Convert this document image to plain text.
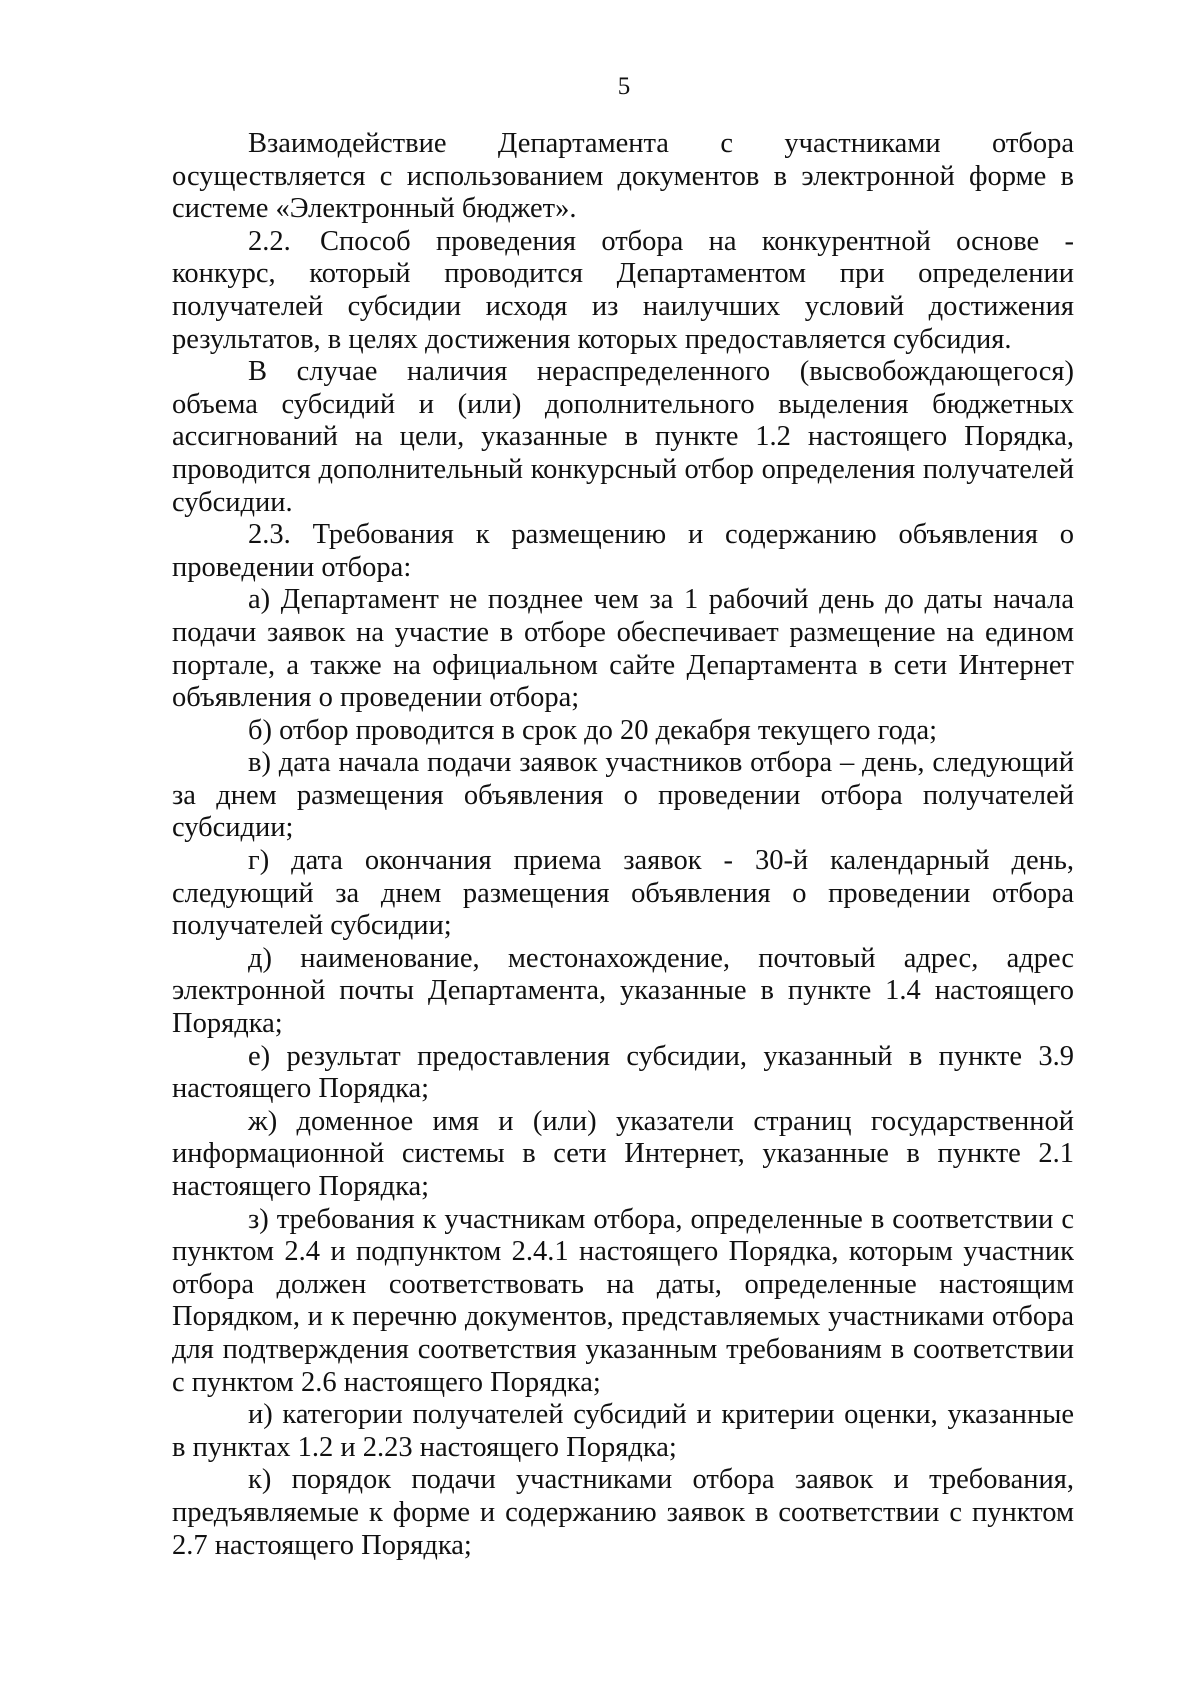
5

Взаимодействие Департамента с участниками отбора осуществляется с использованием документов в электронной форме в системе «Электронный бюджет».

2.2. Способ проведения отбора на конкурентной основе - конкурс, который проводится Департаментом при определении получателей субсидии исходя из наилучших условий достижения результатов, в целях достижения которых предоставляется субсидия.

В случае наличия нераспределенного (высвобождающегося) объема субсидий и (или) дополнительного выделения бюджетных ассигнований на цели, указанные в пункте 1.2 настоящего Порядка, проводится дополнительный конкурсный отбор определения получателей субсидии.

2.3. Требования к размещению и содержанию объявления о проведении отбора:

а) Департамент не позднее чем за 1 рабочий день до даты начала подачи заявок на участие в отборе обеспечивает размещение на едином портале, а также на официальном сайте Департамента в сети Интернет объявления о проведении отбора;

б) отбор проводится в срок до 20 декабря текущего года;

в) дата начала подачи заявок участников отбора – день, следующий за днем размещения объявления о проведении отбора получателей субсидии;

г) дата окончания приема заявок - 30-й календарный день, следующий за днем размещения объявления о проведении отбора получателей субсидии;

д) наименование, местонахождение, почтовый адрес, адрес электронной почты Департамента, указанные в пункте 1.4 настоящего Порядка;

е) результат предоставления субсидии, указанный в пункте 3.9 настоящего Порядка;

ж) доменное имя и (или) указатели страниц государственной информационной системы в сети Интернет, указанные в пункте 2.1 настоящего Порядка;

з) требования к участникам отбора, определенные в соответствии с пунктом 2.4 и подпунктом 2.4.1 настоящего Порядка, которым участник отбора должен соответствовать на даты, определенные настоящим Порядком, и к перечню документов, представляемых участниками отбора для подтверждения соответствия указанным требованиям в соответствии с пунктом 2.6 настоящего Порядка;

и) категории получателей субсидий и критерии оценки, указанные в пунктах 1.2 и 2.23 настоящего Порядка;

к) порядок подачи участниками отбора заявок и требования, предъявляемые к форме и содержанию заявок в соответствии с пунктом 2.7 настоящего Порядка;
